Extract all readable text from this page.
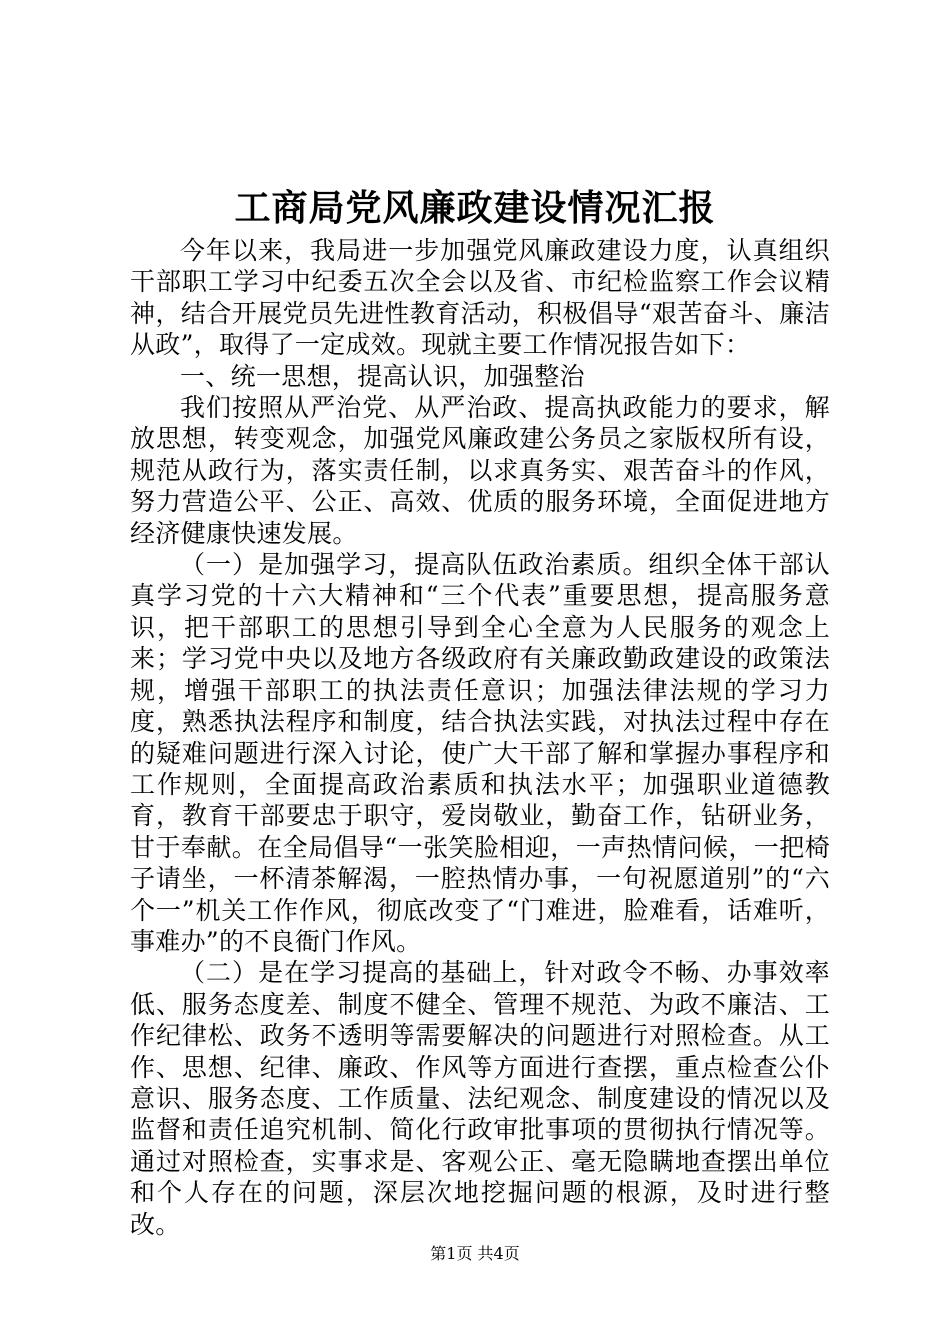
工商局党风廉政建设情况汇报

今年以来，我局进一步加强党风廉政建设力度，认真组织干部职工学习中纪委五次全会以及省、市纪检监察工作会议精神，结合开展党员先进性教育活动，积极倡导“艰苦奋斗、廉洁从政”，取得了一定成效。现就主要工作情况报告如下：

一、统一思想，提高认识，加强整治

我们按照从严治党、从严治政、提高执政能力的要求，解放思想，转变观念，加强党风廉政建公务员之家版权所有设，规范从政行为，落实责任制，以求真务实、艰苦奋斗的作风，努力营造公平、公正、高效、优质的服务环境，全面促进地方经济健康快速发展。

（一）是加强学习，提高队伍政治素质。组织全体干部认真学习党的十六大精神和“三个代表”重要思想，提高服务意识，把干部职工的思想引导到全心全意为人民服务的观念上来；学习党中央以及地方各级政府有关廉政勤政建设的政策法规，增强干部职工的执法责任意识；加强法律法规的学习力度，熟悉执法程序和制度，结合执法实践，对执法过程中存在的疑难问题进行深入讨论，使广大干部了解和掌握办事程序和工作规则，全面提高政治素质和执法水平；加强职业道德教育，教育干部要忠于职守，爱岗敬业，勤奋工作，钻研业务，甘于奉献。在全局倡导“一张笑脸相迎，一声热情问候，一把椅子请坐，一杯清茶解渴，一腔热情办事，一句祝愿道别”的“六个一”机关工作作风，彻底改变了“门难进，脸难看，话难听，事难办”的不良衙门作风。

（二）是在学习提高的基础上，针对政令不畅、办事效率低、服务态度差、制度不健全、管理不规范、为政不廉洁、工作纪律松、政务不透明等需要解决的问题进行对照检查。从工作、思想、纪律、廉政、作风等方面进行查摆，重点检查公仆意识、服务态度、工作质量、法纪观念、制度建设的情况以及监督和责任追究机制、简化行政审批事项的贯彻执行情况等。通过对照检查，实事求是、客观公正、毫无隐瞒地查摆出单位和个人存在的问题，深层次地挖掘问题的根源，及时进行整改。

第1页 共4页
